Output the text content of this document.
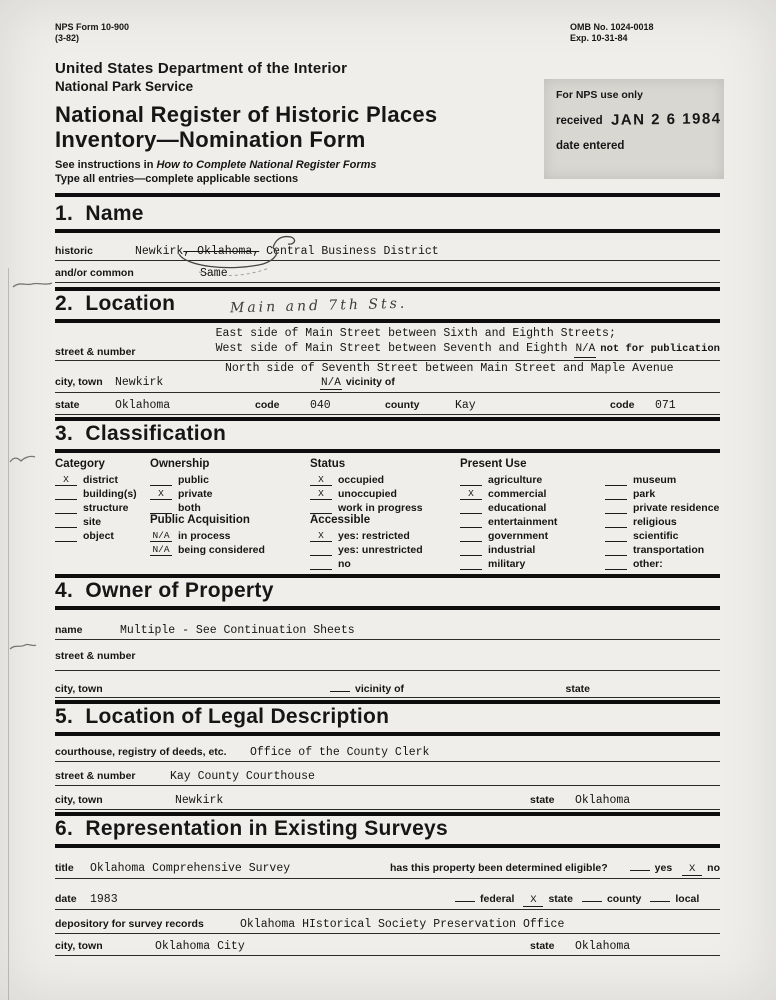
For NPS use only
received JAN 2 6 1984
date entered
NPS Form 10-900
(3-82)
OMB No. 1024-0018
Exp. 10-31-84
United States Department of the Interior
National Park Service
National Register of Historic Places
Inventory—Nomination Form
See instructions in How to Complete National Register Forms
Type all entries—complete applicable sections
1.  Name
historic	Newkirk
, Oklahoma, Central Business District
and/or common	Same
2.  Location	Main and 7th Sts.
street & number
East side of Main Street between Sixth and Eighth Streets;
West side of Main Street between Seventh and Eighth N/A not for publication
North side of Seventh Street between Main Street and Maple Avenue
city, town	Newkirk	N/A vicinity of
state	Oklahoma	code	040	county	Kay	code	071
3.  Classification
Category
X	district
building(s)
structure
site
object
Ownership
public
X	private
both
Public Acquisition
N/A in process
N/A being considered
Status
X	occupied
X	unoccupied
work in progress
Accessible
X	yes: restricted
yes: unrestricted
no
Present Use
agriculture
X	commercial
educational
entertainment
government
industrial
military
museum
park
private residence
religious
scientific
transportation
other:
4.  Owner of Property
name	Multiple - See Continuation Sheets
street & number
city, town	vicinity of	state
5.  Location of Legal Description
courthouse, registry of deeds, etc.	Office of the County Clerk
street & number	Kay County Courthouse
city, town	Newkirk	state	Oklahoma
6.  Representation in Existing Surveys
title	Oklahoma Comprehensive Survey	has this property been determined eligible?	yes	X	no
date	1983	federal	X	state	county	local
depository for survey records	Oklahoma HIstorical Society Preservation Office
city, town	Oklahoma City	state	Oklahoma
